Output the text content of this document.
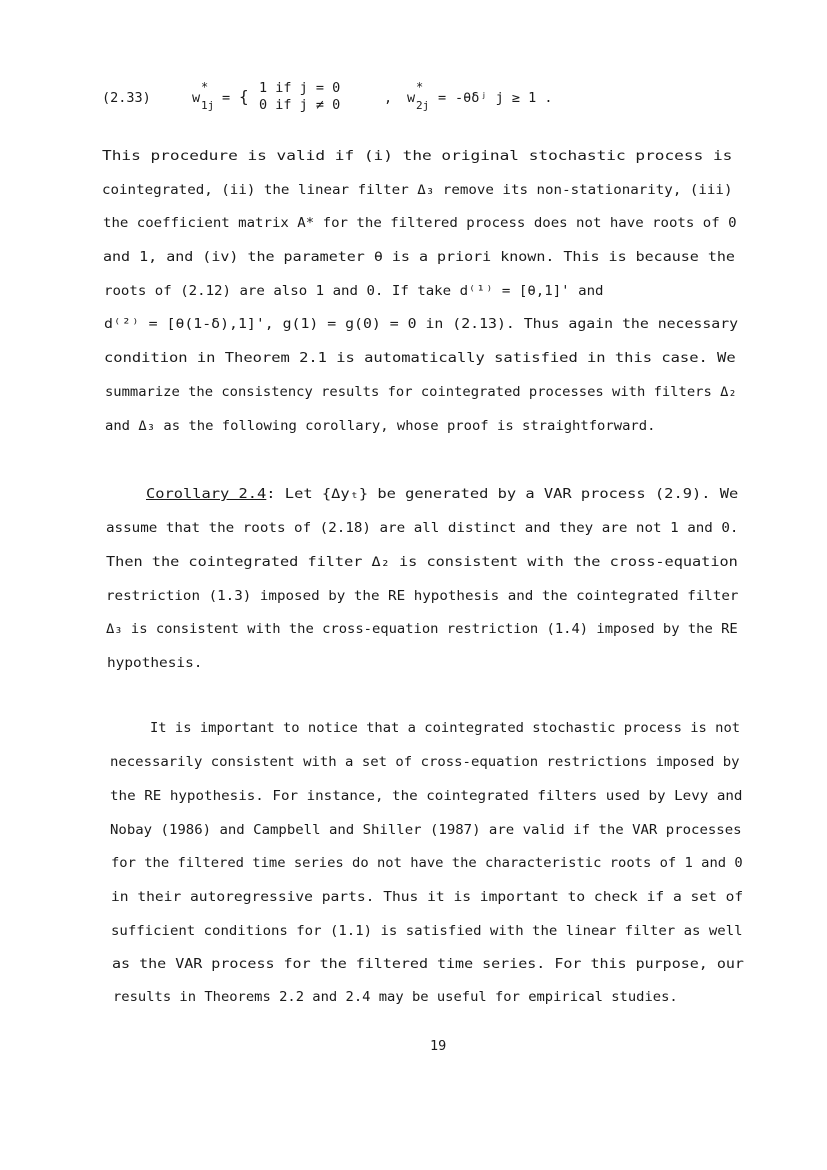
(2.33)	w
*
1j = { 1 if j = 0
0 if j ≠ 0	, w
*
2j = -θδʲ j ≥ 1 .
This procedure is valid if (i) the original stochastic process is
cointegrated, (ii) the linear filter Δ₃ remove its non-stationarity, (iii)
the coefficient matrix A* for the filtered process does not have roots of 0
and 1, and (iv) the parameter θ is a priori known. This is because the
roots of (2.12) are also 1 and 0. If take d⁽¹⁾ = [θ,1]' and
d⁽²⁾ = [θ(1-δ),1]', g(1) = g(0) = 0 in (2.13). Thus again the necessary
condition in Theorem 2.1 is automatically satisfied in this case. We
summarize the consistency results for cointegrated processes with filters Δ₂
and Δ₃ as the following corollary, whose proof is straightforward.
Corollary 2.4: Let {Δyₜ} be generated by a VAR process (2.9). We
assume that the roots of (2.18) are all distinct and they are not 1 and 0.
Then the cointegrated filter Δ₂ is consistent with the cross-equation
restriction (1.3) imposed by the RE hypothesis and the cointegrated filter
Δ₃ is consistent with the cross-equation restriction (1.4) imposed by the RE
hypothesis.
It is important to notice that a cointegrated stochastic process is not
necessarily consistent with a set of cross-equation restrictions imposed by
the RE hypothesis. For instance, the cointegrated filters used by Levy and
Nobay (1986) and Campbell and Shiller (1987) are valid if the VAR processes
for the filtered time series do not have the characteristic roots of 1 and 0
in their autoregressive parts. Thus it is important to check if a set of
sufficient conditions for (1.1) is satisfied with the linear filter as well
as the VAR process for the filtered time series. For this purpose, our
results in Theorems 2.2 and 2.4 may be useful for empirical studies.
19
